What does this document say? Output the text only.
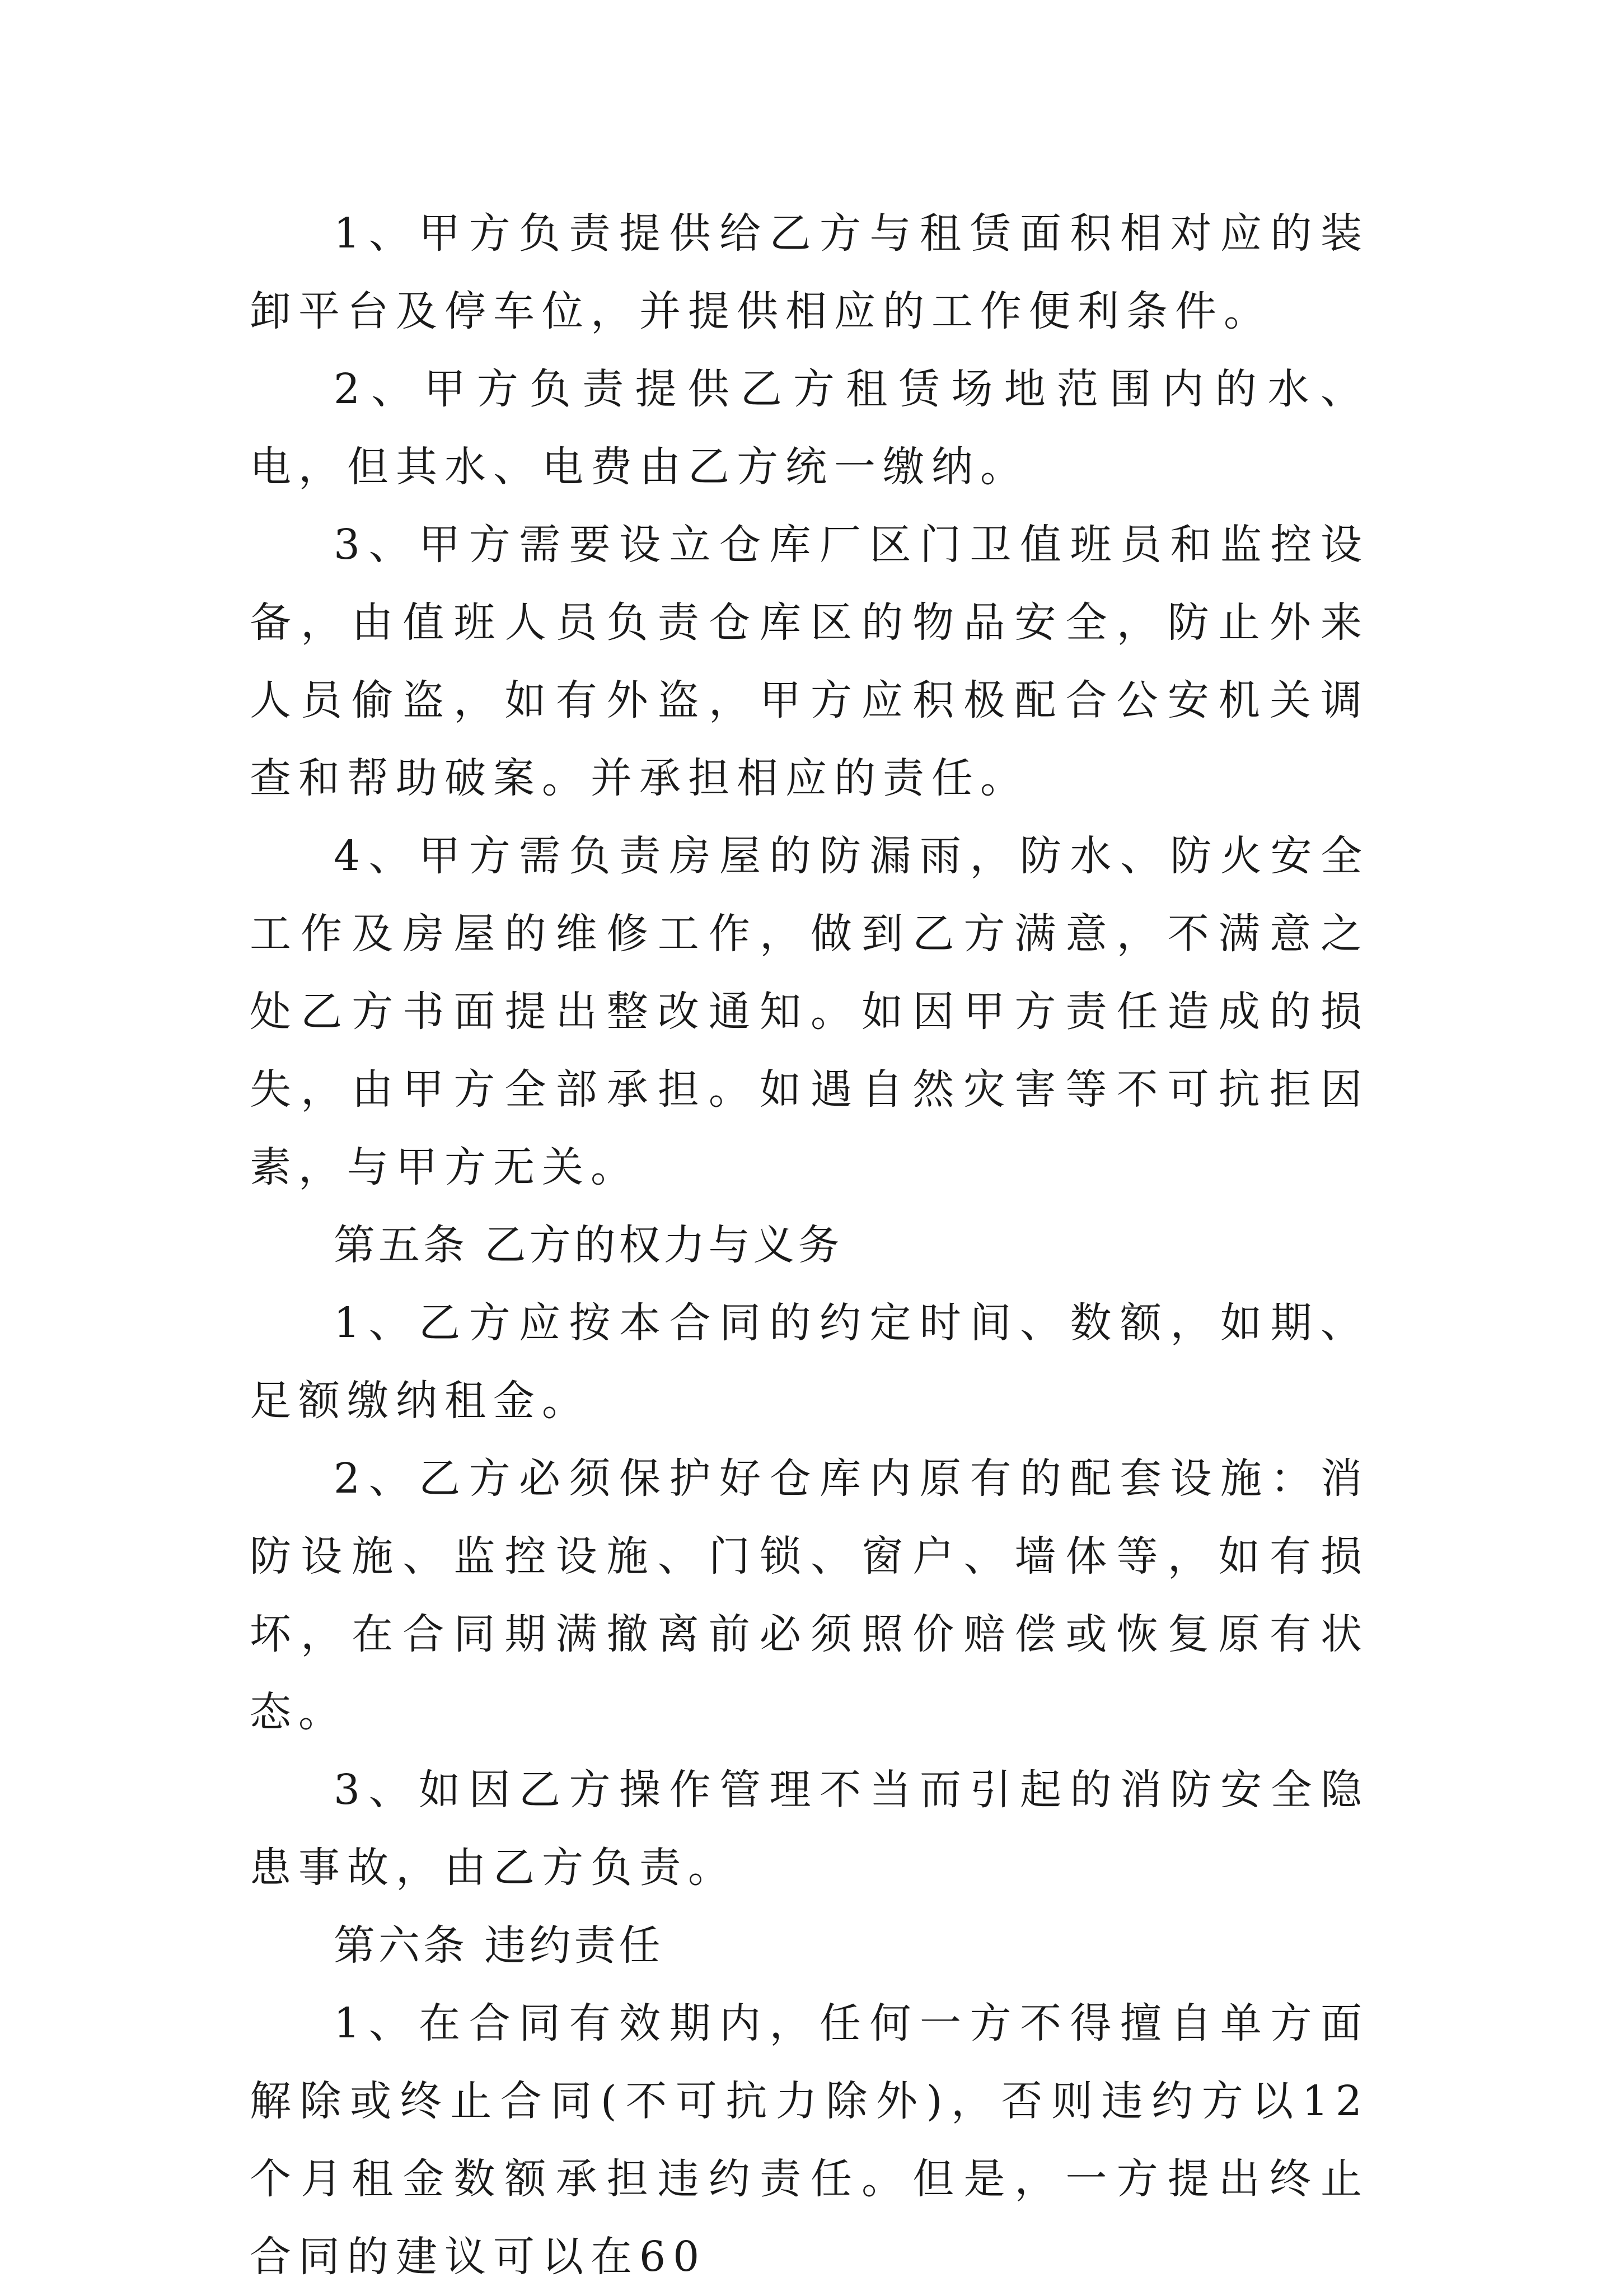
1、甲方负责提供给乙方与租赁面积相对应的装卸平台及停车位，并提供相应的工作便利条件。

2、甲方负责提供乙方租赁场地范围内的水、电，但其水、电费由乙方统一缴纳。

3、甲方需要设立仓库厂区门卫值班员和监控设备，由值班人员负责仓库区的物品安全，防止外来人员偷盗，如有外盗，甲方应积极配合公安机关调查和帮助破案。并承担相应的责任。

4、甲方需负责房屋的防漏雨，防水、防火安全工作及房屋的维修工作，做到乙方满意，不满意之处乙方书面提出整改通知。如因甲方责任造成的损失，由甲方全部承担。如遇自然灾害等不可抗拒因素，与甲方无关。

第五条 乙方的权力与义务

1、乙方应按本合同的约定时间、数额，如期、足额缴纳租金。

2、乙方必须保护好仓库内原有的配套设施：消防设施、监控设施、门锁、窗户、墙体等，如有损坏，在合同期满撤离前必须照价赔偿或恢复原有状态。

3、如因乙方操作管理不当而引起的消防安全隐患事故，由乙方负责。

第六条 违约责任

1、在合同有效期内，任何一方不得擅自单方面解除或终止合同(不可抗力除外)，否则违约方以12个月租金数额承担违约责任。但是，一方提出终止合同的建议可以在60
